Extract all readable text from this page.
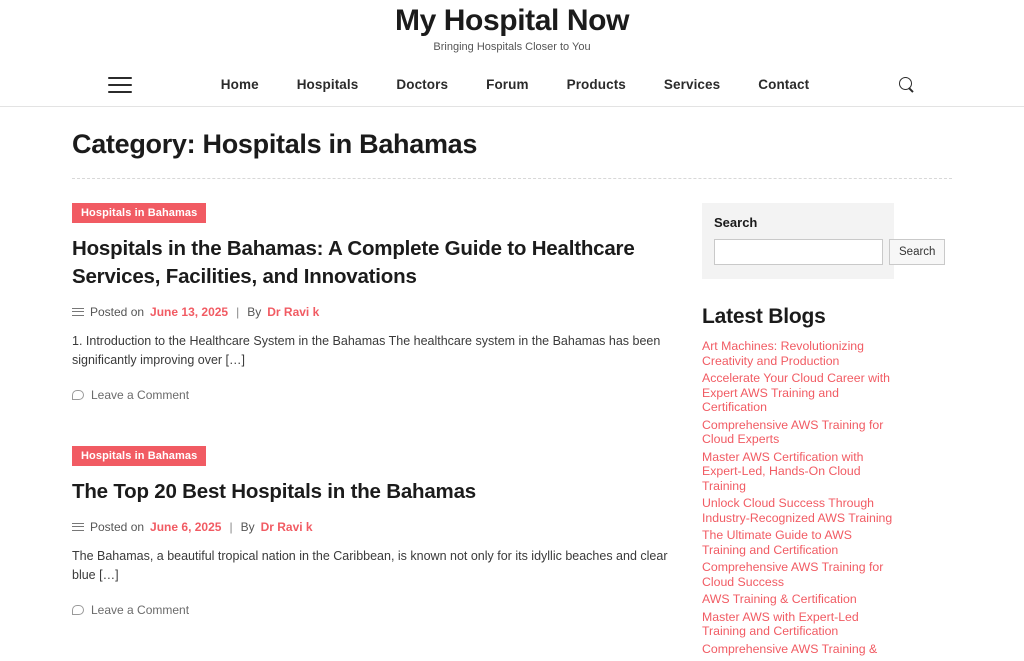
My Hospital Now
Bringing Hospitals Closer to You
Home	Hospitals	Doctors	Forum	Products	Services	Contact
Category: Hospitals in Bahamas
Hospitals in Bahamas
Hospitals in the Bahamas: A Complete Guide to Healthcare Services, Facilities, and Innovations
Posted on June 13, 2025 | By Dr Ravi k

1. Introduction to the Healthcare System in the Bahamas The healthcare system in the Bahamas has been significantly improving over […]

Leave a Comment
Hospitals in Bahamas
The Top 20 Best Hospitals in the Bahamas
Posted on June 6, 2025 | By Dr Ravi k

The Bahamas, a beautiful tropical nation in the Caribbean, is known not only for its idyllic beaches and clear blue […]

Leave a Comment
Search
Search
Latest Blogs
Art Machines: Revolutionizing Creativity and Production
Accelerate Your Cloud Career with Expert AWS Training and Certification
Comprehensive AWS Training for Cloud Experts
Master AWS Certification with Expert-Led, Hands-On Cloud Training
Unlock Cloud Success Through Industry-Recognized AWS Training
The Ultimate Guide to AWS Training and Certification
Comprehensive AWS Training for Cloud Success
AWS Training & Certification
Master AWS with Expert-Led Training and Certification
Comprehensive AWS Training &
